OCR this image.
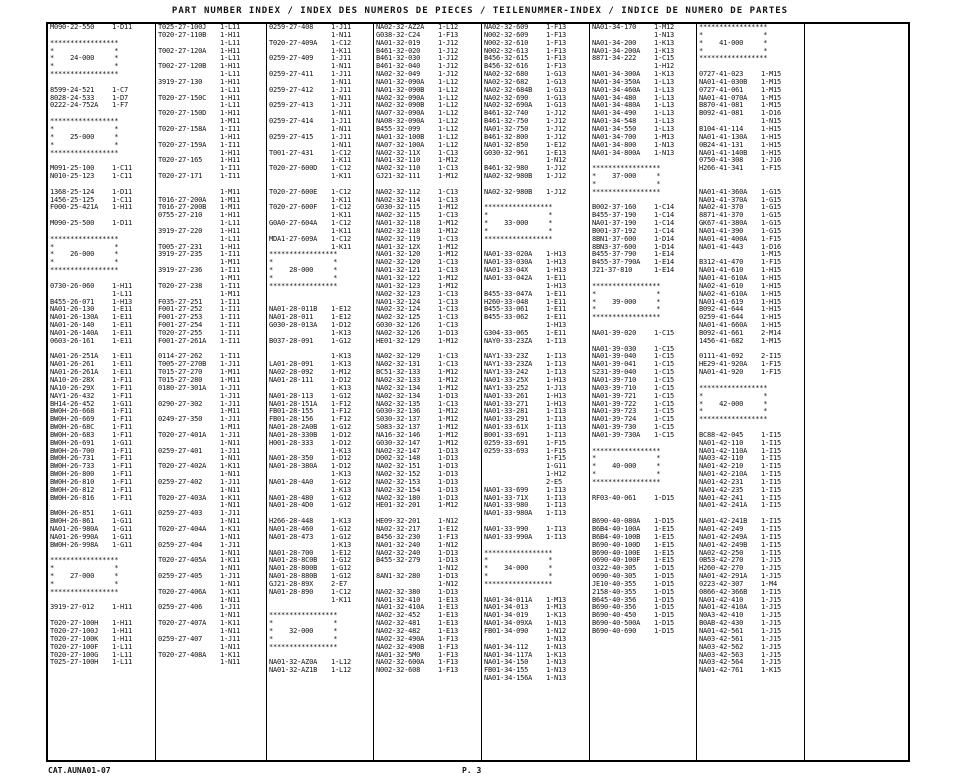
PART NUMBER INDEX / INDEX DES NUMEROS DE PIECES / TEILENUMMER-INDEX / INDICE DE NUMERO DE PARTES
M090-22-550	1-D11
*****************
*               *
*    24-000     *
*               *
*****************
8599-24-521	1-C7
8028-24-533	1-D7
0222-24-752A 1-F7
*****************
*               *
*    25-000     *
*               *
*****************
M091-25-100	1-C11
N010-25-123	1-C11
1368-25-124	1-D11
1456-25-125	1-C11
F000-25-421A 1-H11
M090-25-500	1-D11
*****************
*               *
*    26-000     *
*               *
*****************
0730-26-060	1-H11
1-L11
B455-26-071	1-H13
NA01-26-130	1-E11
NA01-26-130A 1-E11
NA01-26-140	1-E11
NA01-26-140A 1-E11
0603-26-161	1-E11
NA01-26-251A 1-E11
NA01-26-261	1-E11
NA01-26-261A 1-E11
NA10-26-28X	1-F11
NA10-26-29X	1-F11
NAY1-26-432	1-F11
BH14-26-452	1-G11
BW0H-26-668	1-F11
BW0H-26-669	1-F11
BW0H-26-68C	1-F11
BW0H-26-683	1-F11
BW0H-26-691	1-G11
BW0H-26-700	1-F11
BW0H-26-731	1-F11
BW0H-26-733	1-F11
BW0H-26-800	1-F11
BW0H-26-810	1-F11
BW0H-26-812	1-F11
BW0H-26-816	1-F11
BW0H-26-851	1-G11
BW0H-26-861	1-G11
NA01-26-980A 1-G11
NA01-26-990A 1-G11
BW0H-26-998A 1-G11
*****************
*               *
*    27-000     *
*               *
*****************
3919-27-012	1-H11
T020-27-100H 1-H11
T020-27-100J 1-H11
T020-27-100K 1-H11
T020-27-100F 1-L11
T020-27-100G 1-L11
T025-27-100H 1-L11
T025-27-100J 1-L11
T020-27-110B 1-H11
1-L11
T002-27-120A 1-H11
1-L11
T002-27-120B 1-H11
1-L11
3919-27-130	1-H11
1-L11
T020-27-150C 1-H11
1-L11
T020-27-150D 1-H11
1-M11
T020-27-158A 1-I11
1-H11
T020-27-159A 1-I11
1-H11
T020-27-165	1-H11
1-I11
T020-27-171	1-I11
1-M11
T016-27-200A 1-M11
T016-27-200B 1-M11
0755-27-210	1-H11
1-L11
3919-27-220	1-H11
1-L11
T005-27-231	1-H11
3919-27-235	1-I11
1-M11
3919-27-236	1-I11
1-M11
T020-27-238	1-I11
1-M11
F035-27-251	1-I11
F001-27-252	1-I11
F001-27-253	1-I11
F001-27-254	1-I11
T020-27-255	1-I11
F001-27-261A 1-I11
0114-27-262	1-I11
T005-27-270B 1-J11
T015-27-270	1-M11
T015-27-280	1-M11
0180-27-301A 1-J11
1-J11
0290-27-302	1-J11
1-M11
0249-27-350	1-J11
1-M11
T020-27-401A 1-J11
1-N11
0259-27-401	1-J11
1-N11
T020-27-402A 1-K11
1-N11
0259-27-402	1-J11
1-N11
T020-27-403A 1-K11
1-N11
0259-27-403	1-J11
1-N11
T020-27-404A 1-K11
1-N11
0259-27-404	1-J11
1-N11
T020-27-405A 1-K11
1-N11
0259-27-405	1-J11
1-N11
T020-27-406A 1-K11
1-N11
0259-27-406	1-J11
1-N11
T020-27-407A 1-K11
1-N11
0259-27-407	1-J11
1-N11
T020-27-408A 1-K11
1-N11
0259-27-408	1-J11
1-N11
T020-27-409A 1-C12
1-K11
0259-27-409	1-J11
1-N11
0259-27-411	1-J11
1-N11
0259-27-412	1-J11
1-N11
0259-27-413	1-J11
1-N11
0259-27-414	1-J11
1-N11
0259-27-415	1-J11
1-N11
T001-27-431	1-C12
1-K11
T020-27-600D 1-C12
1-K11
T020-27-600E 1-C12
1-K11
T020-27-600F 1-C12
1-K11
G0A0-27-604A 1-C12
1-K11
MDA1-27-609A 1-C12
1-K11
*****************
*               *
*    28-000     *
*               *
*****************
NA01-28-011B 1-E12
NA01-28-011	1-E12
G030-28-013A 1-D12
1-K13
B037-28-091	1-G12
1-K13
LA01-28-091	1-K13
NA02-28-092	1-M12
NA01-28-111	1-D12
1-K13
NA01-28-113	1-G12
NA01-28-151A 1-F12
FB01-28-155	1-F12
FB01-28-156	1-F12
NA01-28-2A0B 1-G12
NA01-28-330B 1-D12
H001-28-333	1-D12
1-K13
NA01-28-350	1-D12
NA01-28-380A 1-D12
1-K13
NA01-28-4A0	1-G12
1-K13
NA01-28-480	1-G12
NA01-28-4D0	1-G12
H266-28-448	1-K13
NA01-28-460	1-G12
NA01-28-473	1-G12
1-K13
NA01-28-700	1-E12
NA01-28-8C0B 1-G12
NA01-28-800B 1-G12
NA01-28-880B 1-G12
GJ21-28-89X	2-E7
NA01-28-890	1-C12
1-K11
*****************
*               *
*    32-000     *
*               *
*****************
NA01-32-AZ0A 1-L12
NA01-32-AZ1B 1-L12
NA02-32-AZ2A 1-L12
G038-32-C24	1-F13
NA01-32-019	1-J12
B461-32-020	1-J12
B461-32-030	1-J12
B461-32-040	1-J12
NA02-32-049	1-J12
NA01-32-090A 1-L12
NA01-32-090B 1-L12
NA02-32-090A 1-L12
NA02-32-090B 1-L12
NA07-32-090A 1-L12
NA08-32-090A 1-L12
B455-32-099	1-L12
NA01-32-100B 1-L12
NA07-32-100A 1-L12
NA02-32-11X	1-C13
NA01-32-110	1-M12
NA02-32-110	1-C13
GJ21-32-111	1-M12
NA02-32-112	1-C13
NA02-32-114	1-C13
G030-32-115	1-M12
NA02-32-115	1-C13
NA01-32-118	1-M12
NA02-32-118	1-M12
NA02-32-119	1-C13
NA01-32-12X	1-M12
NA01-32-120	1-M12
NA02-32-120	1-C13
NA01-32-121	1-C13
NA01-32-122	1-M12
NA01-32-123	1-M12
NA02-32-123	1-C13
NA01-32-124	1-C13
NA02-32-124	1-C13
NA02-32-125	1-C13
G030-32-126	1-C13
NA02-32-126	1-D13
HE01-32-129	1-M12
NA02-32-129	1-C13
NA02-32-131	1-C13
BC51-32-133	1-M12
NA02-32-133	1-M12
NA02-32-134	1-M12
NA02-32-134	1-D13
NA02-32-135	1-C13
G030-32-136	1-M12
S030-32-137	1-M12
S083-32-137	1-M12
NA16-32-146	1-M12
G030-32-147	1-M12
NA02-32-147	1-D13
D002-32-148	1-D13
NA02-32-151	1-D13
NA02-32-152	1-D13
NA02-32-153	1-D13
NA02-32-154	1-D13
NA02-32-180	1-D13
HE01-32-201	1-M12
HE09-32-201	1-N12
NA02-32-217	1-E12
B456-32-230	1-F13
NA01-32-240	1-N12
NA02-32-240	1-D13
B455-32-279	1-D13
1-N12
8AN1-32-280	1-D13
1-N12
NA02-32-380	1-D13
NA01-32-410	1-E13
NA01-32-410A 1-E13
NA02-32-452	1-E13
NA02-32-481	1-E13
NA02-32-482	1-E13
NA02-32-490A 1-F13
NA02-32-490B 1-F13
NA01-32-5M0	1-F13
NA02-32-600A 1-F13
N002-32-608	1-F13
NA02-32-609	1-F13
N002-32-609	1-F13
N002-32-610	1-F13
N002-32-613	1-F13
B456-32-615	1-F13
B456-32-616	1-F13
NA02-32-680	1-G13
NA02-32-682	1-G13
NA02-32-684B 1-G13
NA02-32-690	1-G13
NA02-32-690A 1-G13
B461-32-740	1-J12
B461-32-750	1-J12
NA01-32-750	1-J12
B461-32-800	1-J12
NA01-32-850	1-E12
G030-32-961	1-E13
1-N12
B461-32-980	1-J12
NA02-32-980B 1-J12
NA02-32-980B 1-J12
*****************
*               *
*    33-000     *
*               *
*****************
NA01-33-020A 1-H13
NA01-33-030A 1-H13
NA01-33-04X	1-H13
NA01-33-042A 1-E11
1-H13
B455-33-047A 1-E11
H260-33-048	1-E11
B455-33-061	1-E11
B455-33-062	1-E11
1-H13
G304-33-065	1-E11
NAY0-33-23ZA 1-I13
NAY1-33-23Z	1-I13
NAY1-33-23ZA 1-I13
NAY1-33-242	1-I13
NA01-33-25X	1-H13
NAY1-33-252	1-J13
NA01-33-261	1-H13
NA01-33-271	1-H13
NA01-33-281	1-I13
NA01-33-291	1-I13
NA01-33-61X	1-I13
B001-33-691	1-I13
0259-33-691	1-F15
0259-33-693	1-F15
1-F15
1-G11
1-H12
2-E5
NA01-33-699	1-I13
NA01-33-71X	1-I13
NA01-33-980	1-I13
NA01-33-980A 1-I13
NA01-33-990	1-I13
NA01-33-990A 1-I13
*****************
*               *
*    34-000     *
*               *
*****************
NA01-34-011A 1-M13
NA01-34-013	1-M13
NA01-34-019	1-K13
NA01-34-09XA 1-N13
FB01-34-090	1-N12
1-N13
NA01-34-112	1-N13
NA01-34-117A 1-K13
NA01-34-150	1-N13
FB01-34-155	1-N13
NA01-34-156A 1-N13
NA01-34-170	1-M12
1-N13
NA01-34-200	1-K13
NA01-34-200A 1-K13
8871-34-222	1-C15
1-H12
NA01-34-300A 1-K13
NA01-34-350A 1-L13
NA01-34-460A 1-L13
NA01-34-480	1-L13
NA01-34-480A 1-L13
NA01-34-490	1-L13
NA01-34-548	1-L13
NA01-34-550	1-L13
NA01-34-700	1-M13
NA01-34-800	1-N13
NA01-34-800A 1-N13
*****************
*    37-000     *
*               *
*****************
B002-37-160	1-C14
B455-37-190	1-C14
NA01-37-190	1-C14
B001-37-192	1-C14
8BN1-37-600	1-D14
8BN3-37-600	1-D14
B455-37-790	1-E14
B455-37-790A 1-E14
J21-37-810	1-E14
*****************
*               *
*    39-000     *
*               *
*****************
NA01-39-020	1-C15
NA01-39-030	1-C15
NA01-39-040	1-C15
NA01-39-041	1-C15
S231-39-040	1-C15
NA01-39-710	1-C15
NA03-39-710	1-C15
NA01-39-721	1-C15
NA01-39-722	1-C15
NA01-39-723	1-C15
NA01-39-724	1-C15
NA01-39-730	1-C15
NA01-39-730A 1-C15
*****************
*               *
*    40-000     *
*               *
*****************
RF03-40-061	1-D15
B690-40-080A 1-D15
B6B4-40-100A 1-E15
B6B4-40-100B 1-E15
B690-40-100D 1-E15
B690-40-100E 1-E15
0690-40-100F 1-E15
0322-40-305	1-D15
0690-40-305	1-D15
JE10-40-355	1-D15
2158-40-355	1-D15
B645-40-356	1-D15
B690-40-356	1-D15
B690-40-450	1-D15
B690-40-500A 1-D15
B690-40-690	1-D15
*****************
*               *
*    41-000     *
*               *
*****************
0727-41-023	1-M15
NA01-41-030B 1-M15
0727-41-061	1-M15
NA01-41-070A 1-M15
B870-41-081	1-M15
B092-41-081	1-D16
1-N15
B104-41-114	1-H15
NA01-41-130A 1-H15
0B24-41-131	1-H15
NA01-41-140B 1-H15
0750-41-308	1-J16
H266-41-341	1-F15
NA01-41-360A 1-G15
NA01-41-370A 1-G15
NA02-41-370	1-G15
8871-41-370	1-G15
GK67-41-380A 1-G15
NA01-41-390	1-G15
NA01-41-400A 1-F15
NA01-41-443	1-D16
1-M15
B312-41-470	1-F15
NA01-41-610	1-H15
NA01-41-610A 1-H15
NA02-41-610	1-H15
NA02-41-610A 1-H15
NA01-41-619	1-H15
B092-41-644	1-H15
0259-41-644	1-H15
NA01-41-660A 1-H15
B092-41-661	2-M14
1456-41-682	1-M15
0111-41-692	2-I15
HE29-41-920A 1-F15
NA01-41-920	1-F15
*****************
*               *
*    42-000     *
*               *
*****************
BC88-42-045	1-I15
NA01-42-110	1-I15
NA01-42-110A 1-I15
NA03-42-110	1-I15
NA01-42-210	1-I15
NA01-42-210A 1-I15
NA01-42-231	1-I15
NA01-42-235	1-I15
NA01-42-241	1-I15
NA01-42-241A 1-I15
NA01-42-241B 1-I15
NA01-42-249	1-I15
NA01-42-249A 1-I15
NA01-42-249B 1-I15
NA02-42-250	1-I15
0B53-42-270	1-J15
H260-42-270	1-J15
NA01-42-291A 1-J15
0223-42-307	1-M4
0866-42-366B 1-I15
NA01-42-410	1-J15
NA01-42-410A 1-J15
N0A3-42-410	1-J15
B0AB-42-430	1-J15
NA01-42-561	1-J15
NA03-42-561	1-J15
NA03-42-562	1-J15
NA03-42-563	1-J15
NA03-42-564	1-J15
NA01-42-761	1-K15
CAT.AUNA01-07	P. 3
